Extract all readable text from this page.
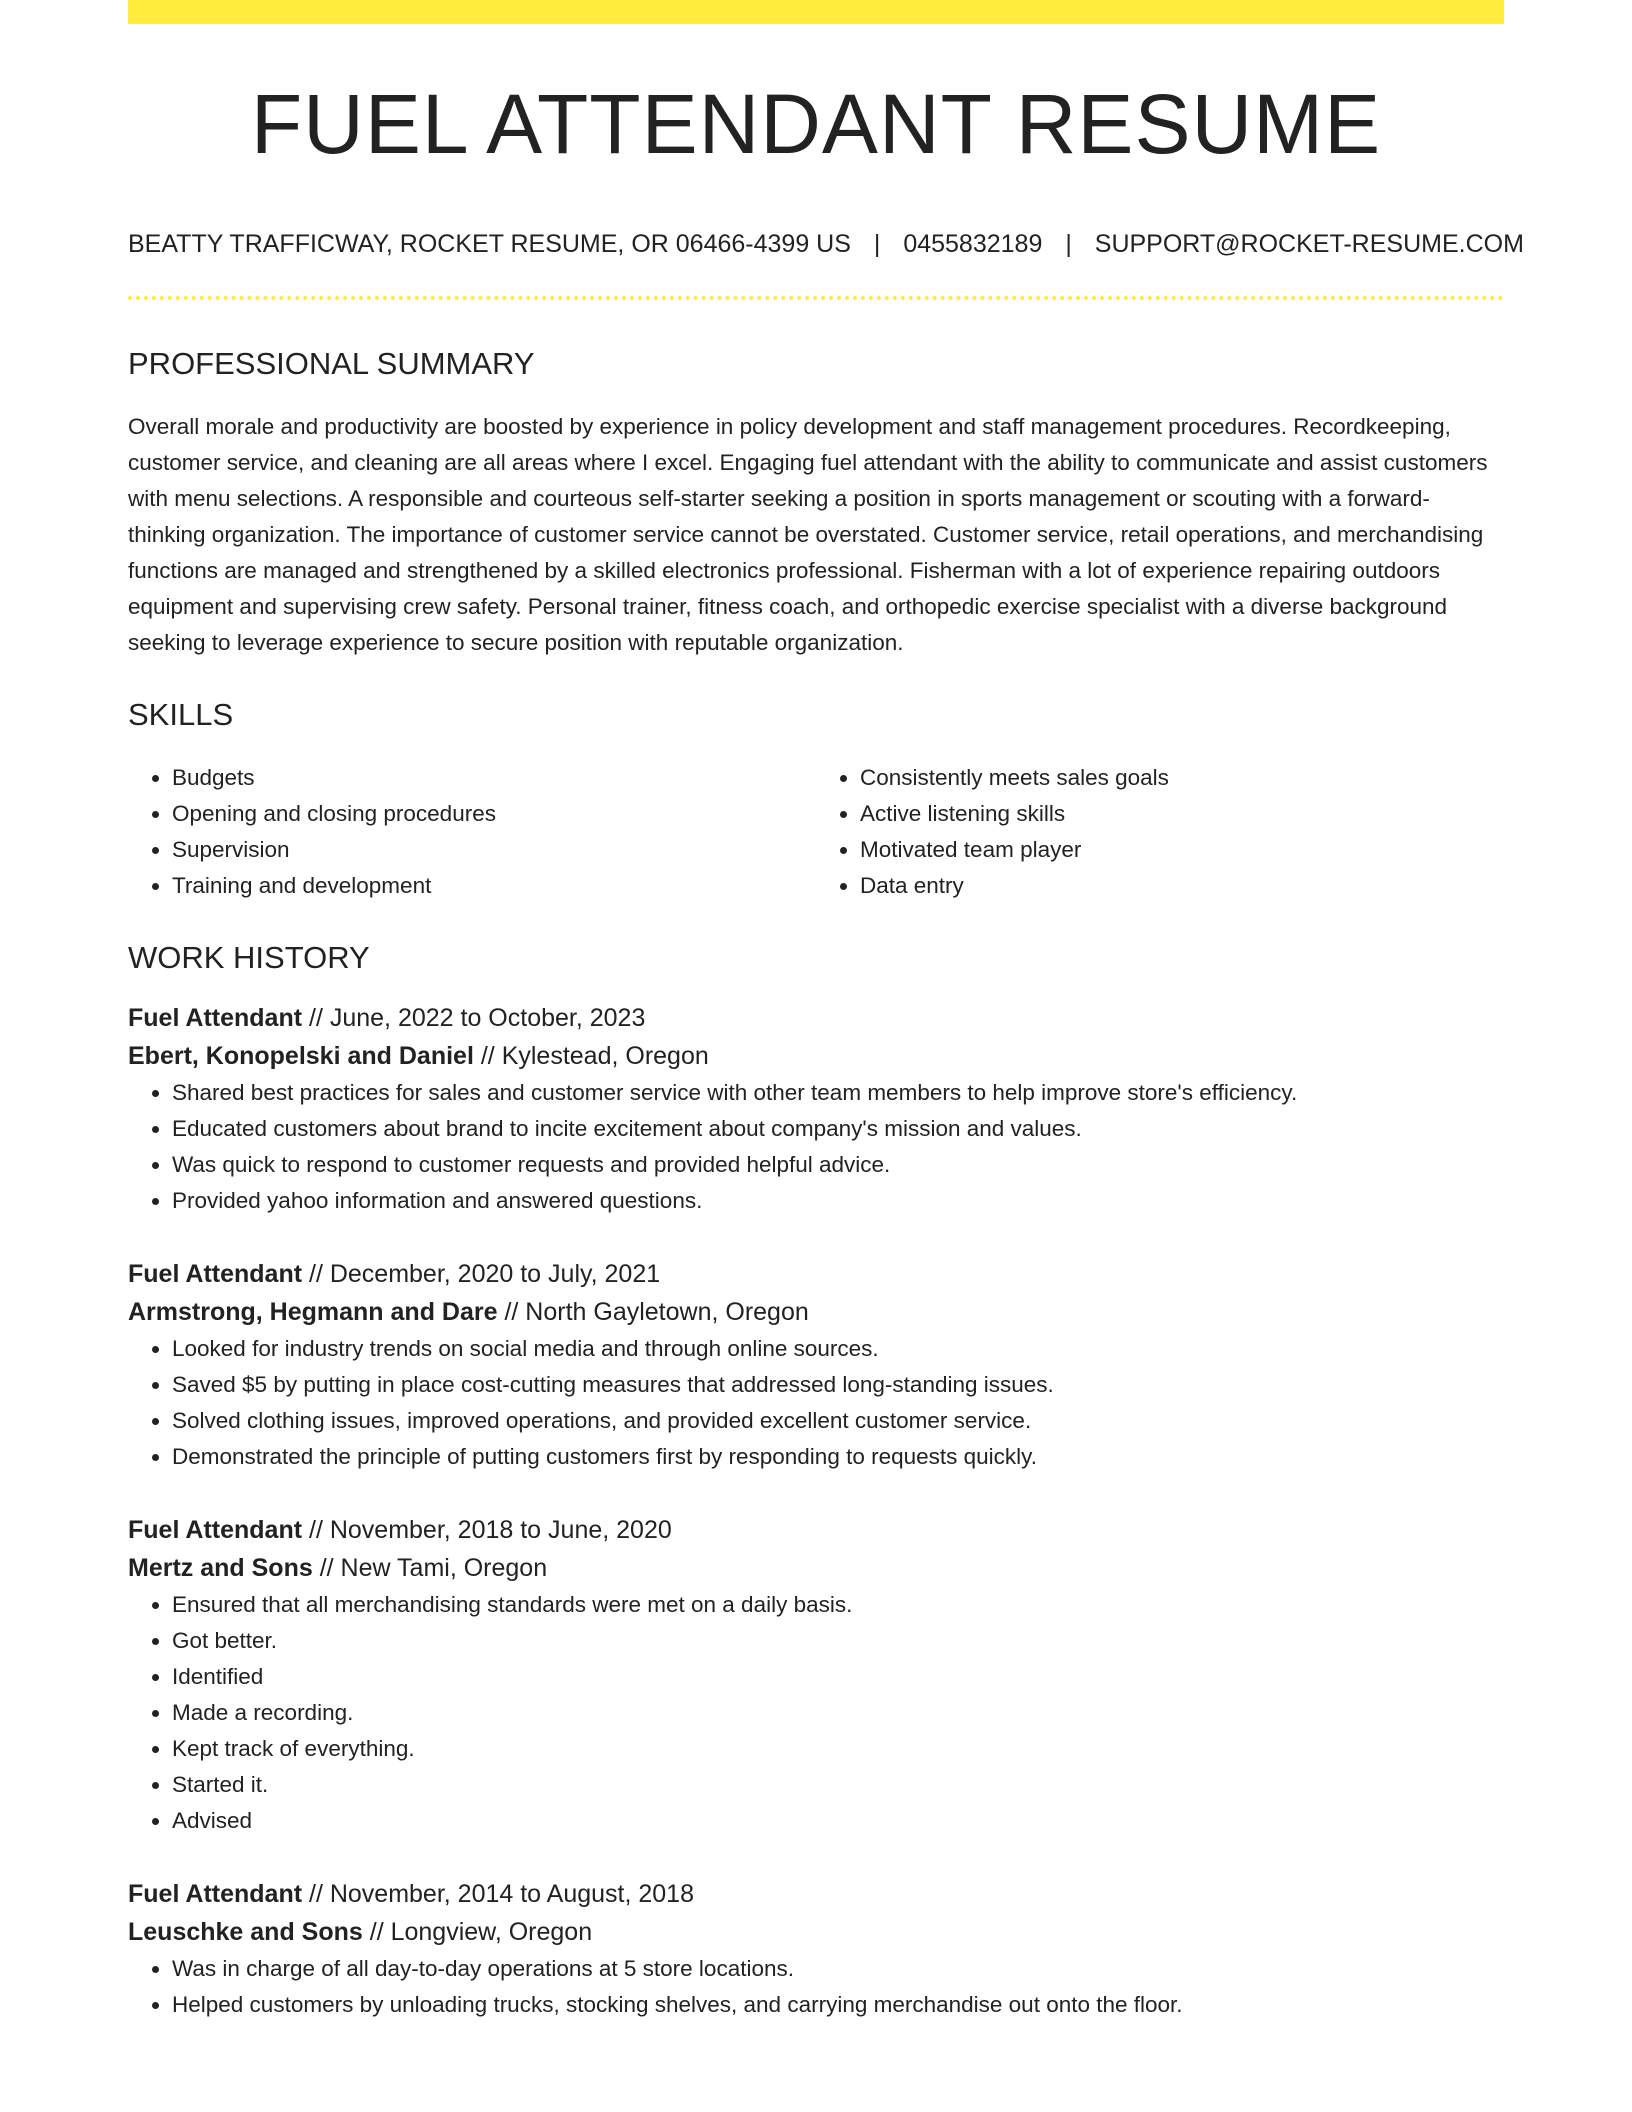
FUEL ATTENDANT RESUME
BEATTY TRAFFICWAY, ROCKET RESUME, OR 06466-4399 US | 0455832189 | SUPPORT@ROCKET-RESUME.COM
PROFESSIONAL SUMMARY
Overall morale and productivity are boosted by experience in policy development and staff management procedures. Recordkeeping, customer service, and cleaning are all areas where I excel. Engaging fuel attendant with the ability to communicate and assist customers with menu selections. A responsible and courteous self-starter seeking a position in sports management or scouting with a forward-thinking organization. The importance of customer service cannot be overstated. Customer service, retail operations, and merchandising functions are managed and strengthened by a skilled electronics professional. Fisherman with a lot of experience repairing outdoors equipment and supervising crew safety. Personal trainer, fitness coach, and orthopedic exercise specialist with a diverse background seeking to leverage experience to secure position with reputable organization.
SKILLS
• Budgets
• Opening and closing procedures
• Supervision
• Training and development
• Consistently meets sales goals
• Active listening skills
• Motivated team player
• Data entry
WORK HISTORY
Fuel Attendant // June, 2022 to October, 2023
Ebert, Konopelski and Daniel // Kylestead, Oregon
• Shared best practices for sales and customer service with other team members to help improve store's efficiency.
• Educated customers about brand to incite excitement about company's mission and values.
• Was quick to respond to customer requests and provided helpful advice.
• Provided yahoo information and answered questions.
Fuel Attendant // December, 2020 to July, 2021
Armstrong, Hegmann and Dare // North Gayletown, Oregon
• Looked for industry trends on social media and through online sources.
• Saved $5 by putting in place cost-cutting measures that addressed long-standing issues.
• Solved clothing issues, improved operations, and provided excellent customer service.
• Demonstrated the principle of putting customers first by responding to requests quickly.
Fuel Attendant // November, 2018 to June, 2020
Mertz and Sons // New Tami, Oregon
• Ensured that all merchandising standards were met on a daily basis.
• Got better.
• Identified
• Made a recording.
• Kept track of everything.
• Started it.
• Advised
Fuel Attendant // November, 2014 to August, 2018
Leuschke and Sons // Longview, Oregon
• Was in charge of all day-to-day operations at 5 store locations.
• Helped customers by unloading trucks, stocking shelves, and carrying merchandise out onto the floor.
